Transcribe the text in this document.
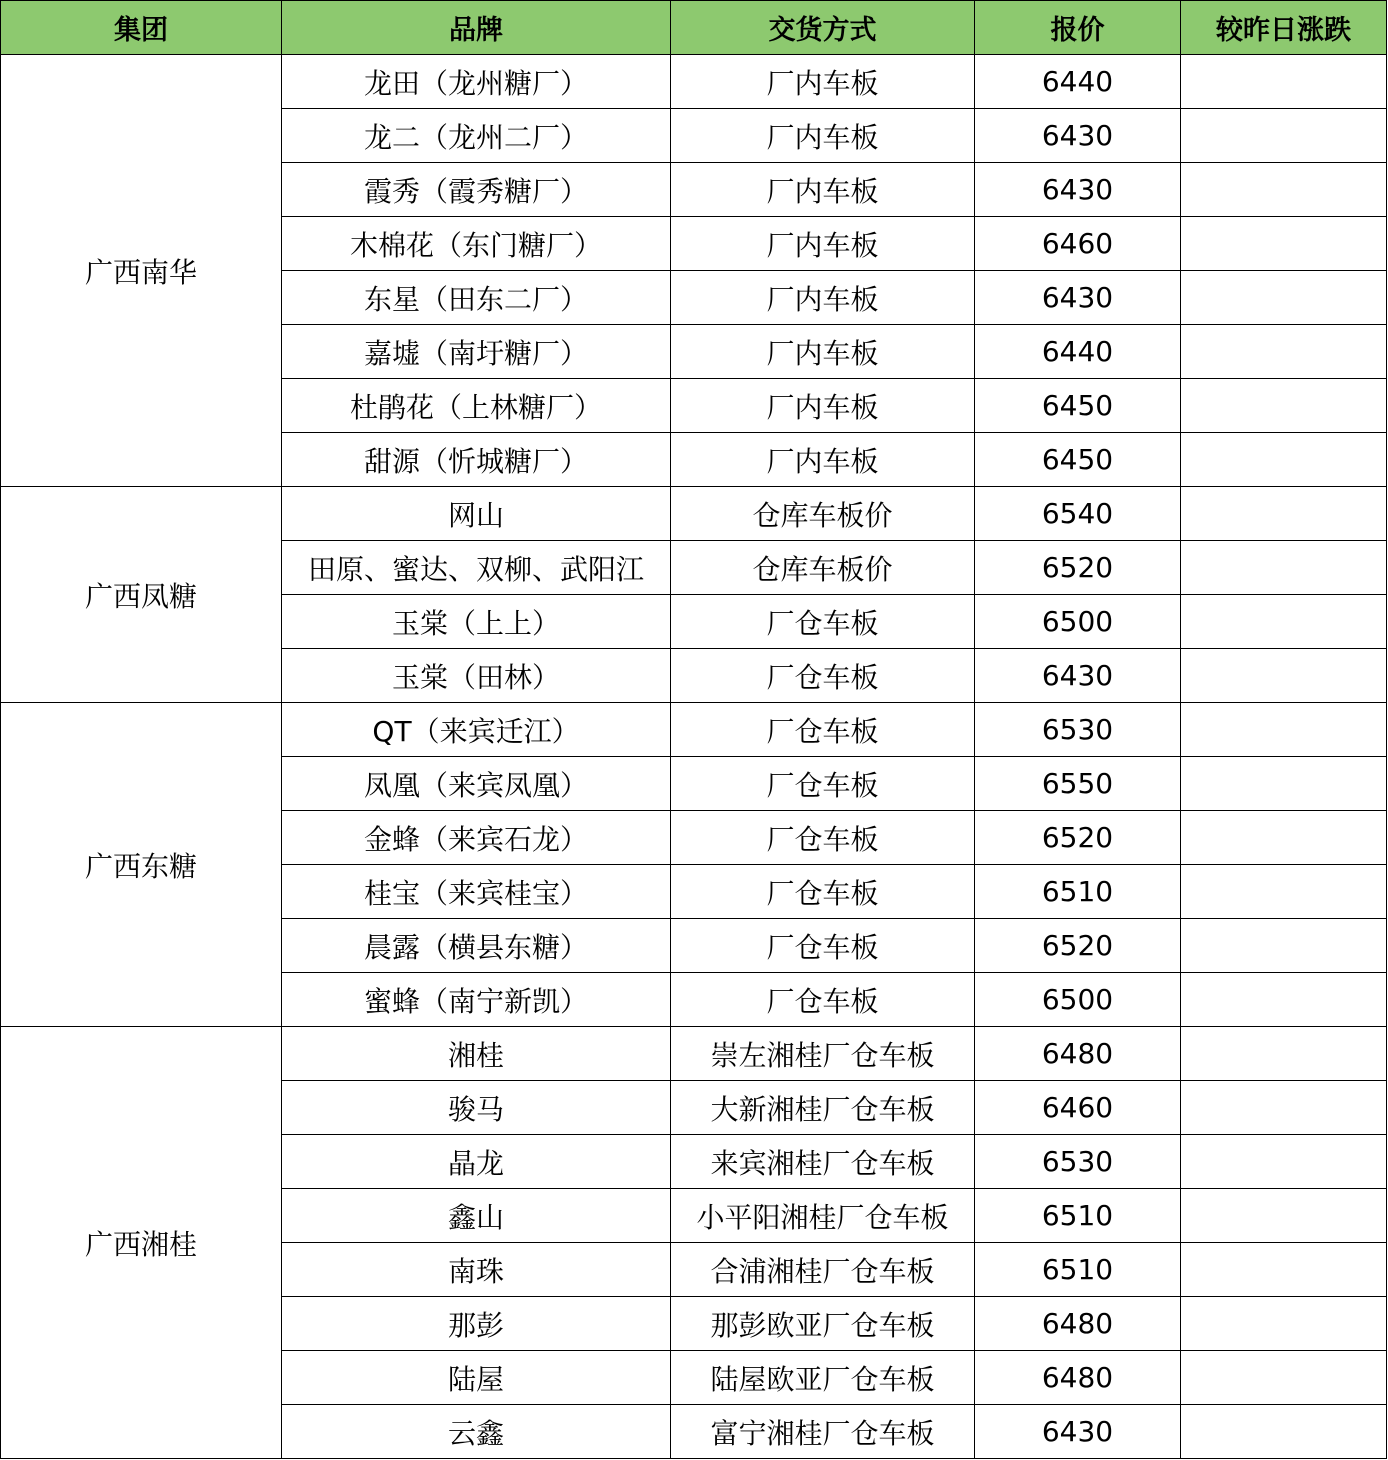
集团	品牌	交货方式	报价	较昨日涨跌
广西南华	龙田（龙州糖厂）	厂内车板	6440	
	龙二（龙州二厂）	厂内车板	6430	
	霞秀（霞秀糖厂）	厂内车板	6430	
	木棉花（东门糖厂）	厂内车板	6460	
	东星（田东二厂）	厂内车板	6430	
	嘉墟（南圩糖厂）	厂内车板	6440	
	杜鹃花（上林糖厂）	厂内车板	6450	
	甜源（忻城糖厂）	厂内车板	6450	
广西凤糖	网山	仓库车板价	6540	
	田原、蜜达、双柳、武阳江	仓库车板价	6520	
	玉棠（上上）	厂仓车板	6500	
	玉棠（田林）	厂仓车板	6430	
广西东糖	QT（来宾迁江）	厂仓车板	6530	
	凤凰（来宾凤凰）	厂仓车板	6550	
	金蜂（来宾石龙）	厂仓车板	6520	
	桂宝（来宾桂宝）	厂仓车板	6510	
	晨露（横县东糖）	厂仓车板	6520	
	蜜蜂（南宁新凯）	厂仓车板	6500	
广西湘桂	湘桂	崇左湘桂厂仓车板	6480	
	骏马	大新湘桂厂仓车板	6460	
	晶龙	来宾湘桂厂仓车板	6530	
	鑫山	小平阳湘桂厂仓车板	6510	
	南珠	合浦湘桂厂仓车板	6510	
	那彭	那彭欧亚厂仓车板	6480	
	陆屋	陆屋欧亚厂仓车板	6480	
	云鑫	富宁湘桂厂仓车板	6430	
